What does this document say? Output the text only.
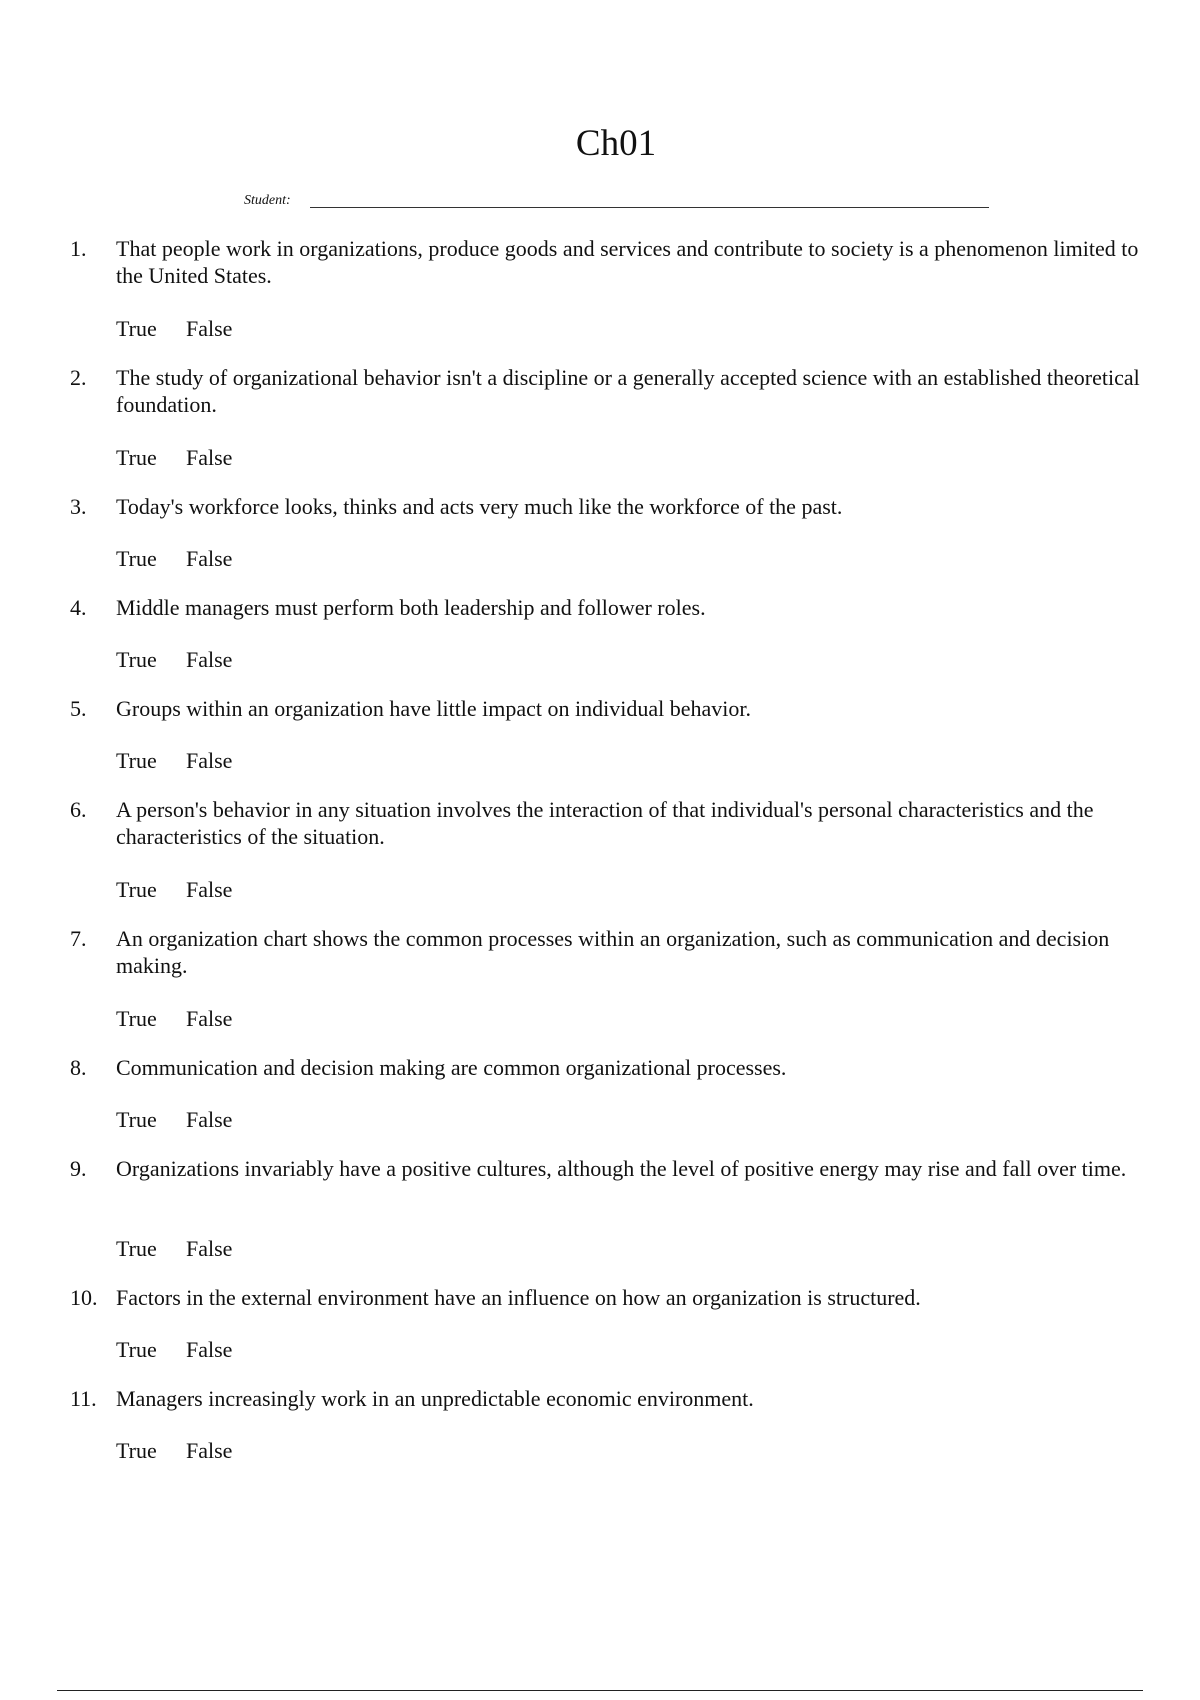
Ch01
Student:
1. That people work in organizations, produce goods and services and contribute to society is a phenomenon limited to the United States.
True False
2. The study of organizational behavior isn't a discipline or a generally accepted science with an established theoretical foundation.
True False
3. Today's workforce looks, thinks and acts very much like the workforce of the past.
True False
4. Middle managers must perform both leadership and follower roles.
True False
5. Groups within an organization have little impact on individual behavior.
True False
6. A person's behavior in any situation involves the interaction of that individual's personal characteristics and the characteristics of the situation.
True False
7. An organization chart shows the common processes within an organization, such as communication and decision making.
True False
8. Communication and decision making are common organizational processes.
True False
9. Organizations invariably have a positive cultures, although the level of positive energy may rise and fall over time.
True False
10. Factors in the external environment have an influence on how an organization is structured.
True False
11. Managers increasingly work in an unpredictable economic environment.
True False
